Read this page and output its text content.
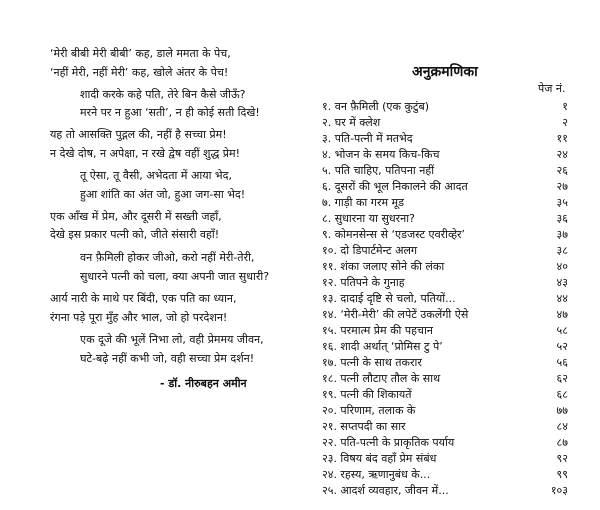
‘मेरी बीबी मेरी बीबी’ कह, डाले ममता के पेच,
‘नहीं मेरी, नहीं मेरी’ कह, खोले अंतर के पेच!
शादी करके कहे पति, तेरे बिन कैसे जीऊँ?
मरने पर न हुआ ‘सती’, न ही कोई सती दिखे!
यह तो आसक्ति पुद्गल की, नहीं है सच्चा प्रेम!
न देखे दोष, न अपेक्षा, न रखे द्वेष वहीं शुद्ध प्रेम!
तू ऐसा, तू वैसी, अभेदता में आया भेद,
हुआ शांति का अंत जो, हुआ जग-सा भेद!
एक आँख में प्रेम, और दूसरी में सख्ती जहाँ,
देखे इस प्रकार पत्नी को, जीते संसारी वहाँ!
वन फ़ैमिली होकर जीओ, करो नहीं मेरी-तेरी,
सुधारने पत्नी को चला, क्या अपनी जात सुधारी?
आर्य नारी के माथे पर बिंदी, एक पति का ध्यान,
रंगना पड़े पूरा मुँह और भाल, जो हो परदेशन!
एक दूजे की भूलें निभा लो, वही प्रेममय जीवन,
घटे-बढ़े नहीं कभी जो, वही सच्चा प्रेम दर्शन!
- डॉ. नीरुबहन अमीन
अनुक्रमणिका
पेज नं.
१. वन फ़ैमिली (एक कुटुंब)	१
२. घर में क्लेश	२
३. पति-पत्नी में मतभेद	११
४. भोजन के समय किच-किच	२४
५. पति चाहिए, पतिपना नहीं	२६
६. दूसरों की भूल निकालने की आदत	२७
७. गाड़ी का गरम मूड	३५
८. सुधारना या सुधरना?	३६
९. कोमनसेन्स से ‘एडजस्ट एवरीव्हेर’	३७
१०. दो डिपार्टमेन्ट अलग	३८
११. शंका जलाए सोने की लंका	४०
१२. पतिपने के गुनाह	४३
१३. दादाई दृष्टि से चलो, पतियों...	४४
१४. ‘मेरी-मेरी’ की लपेटें उकलेंगी ऐसे	४७
१५. परमात्म प्रेम की पहचान	५८
१६. शादी अर्थात् ‘प्रोमिस टु पे’	५२
१७. पत्नी के साथ तकरार	५६
१८. पत्नी लौटाए तौल के साथ	६२
१९. पत्नी की शिकायतें	६८
२०. परिणाम, तलाक के	७७
२१. सप्तपदी का सार	८४
२२. पति-पत्नी के प्राकृतिक पर्याय	८७
२३. विषय बंद वहाँ प्रेम संबंध	९२
२४. रहस्य, ऋणानुबंध के...	९९
२५. आदर्श व्यवहार, जीवन में...	१०३
